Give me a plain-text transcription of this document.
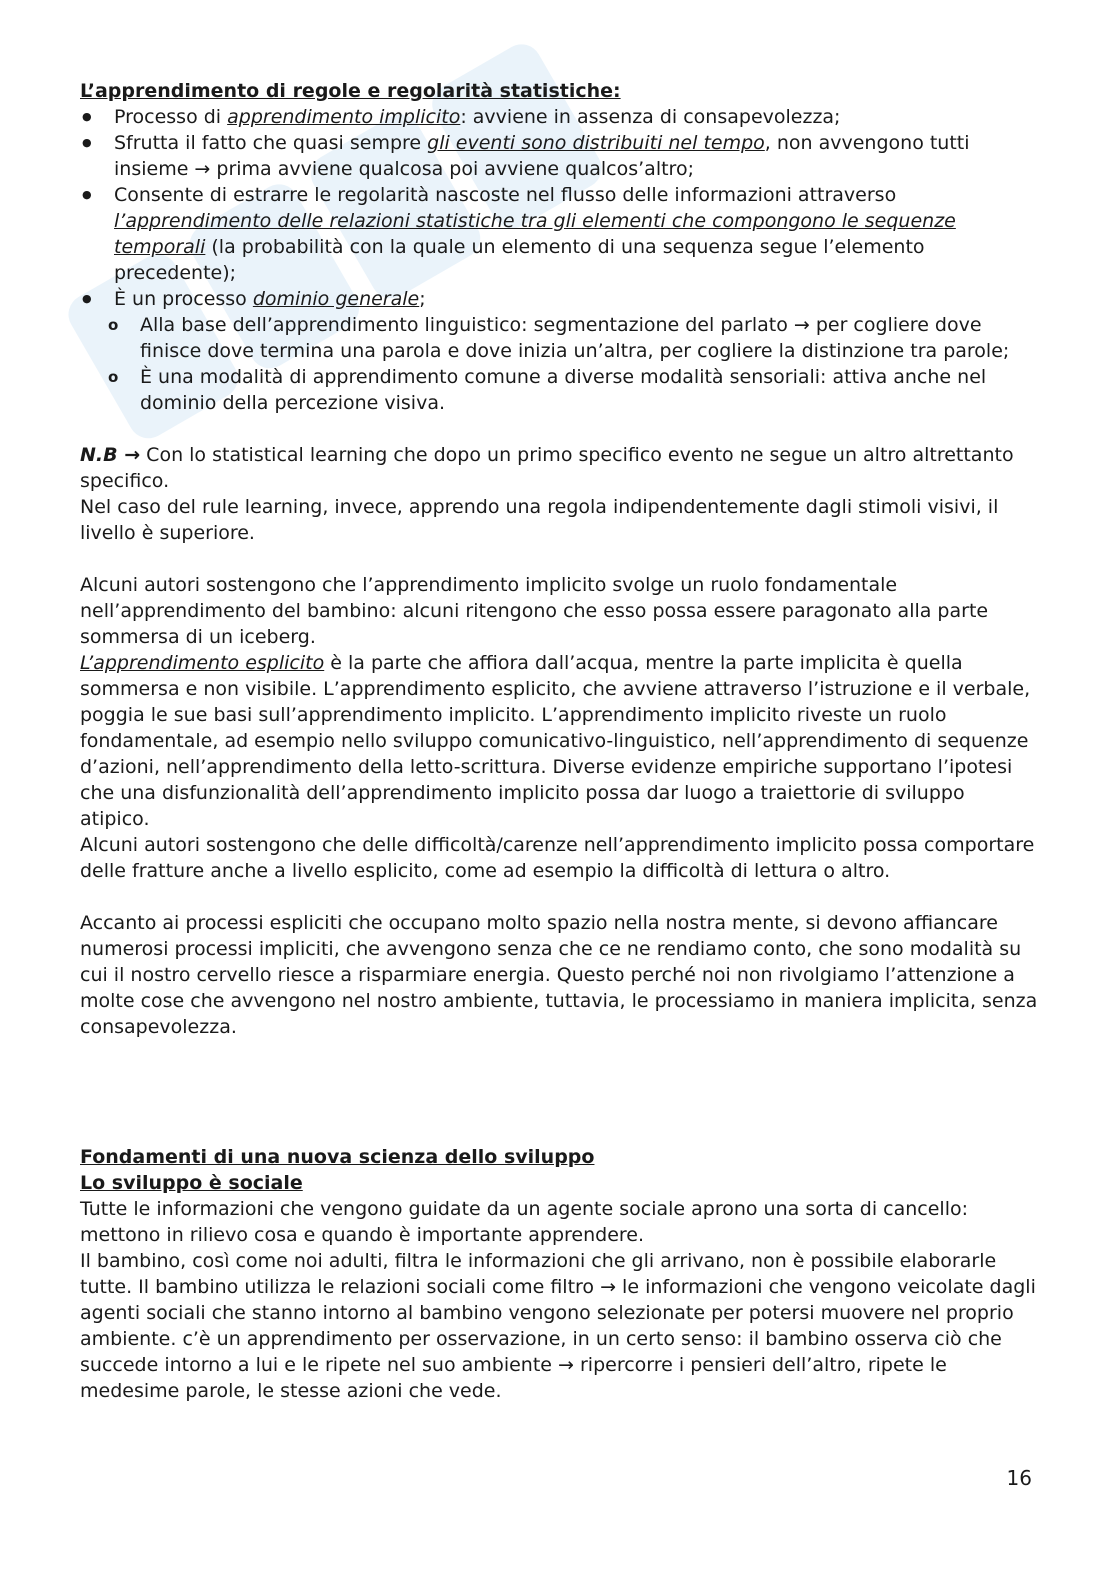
L’apprendimento di regole e regolarità statistiche:
● Processo di apprendimento implicito: avviene in assenza di consapevolezza;
● Sfrutta il fatto che quasi sempre gli eventi sono distribuiti nel tempo, non avvengono tutti insieme → prima avviene qualcosa poi avviene qualcos’altro;
● Consente di estrarre le regolarità nascoste nel flusso delle informazioni attraverso l’apprendimento delle relazioni statistiche tra gli elementi che compongono le sequenze temporali (la probabilità con la quale un elemento di una sequenza segue l’elemento precedente);
● È un processo dominio generale;
o Alla base dell’apprendimento linguistico: segmentazione del parlato → per cogliere dove finisce dove termina una parola e dove inizia un’altra, per cogliere la distinzione tra parole;
o È una modalità di apprendimento comune a diverse modalità sensoriali: attiva anche nel dominio della percezione visiva.

N.B → Con lo statistical learning che dopo un primo specifico evento ne segue un altro altrettanto specifico.

Nel caso del rule learning, invece, apprendo una regola indipendentemente dagli stimoli visivi, il livello è superiore.

Alcuni autori sostengono che l’apprendimento implicito svolge un ruolo fondamentale nell’apprendimento del bambino: alcuni ritengono che esso possa essere paragonato alla parte sommersa di un iceberg.

L’apprendimento esplicito è la parte che affiora dall’acqua, mentre la parte implicita è quella sommersa e non visibile. L’apprendimento esplicito, che avviene attraverso l’istruzione e il verbale, poggia le sue basi sull’apprendimento implicito. L’apprendimento implicito riveste un ruolo fondamentale, ad esempio nello sviluppo comunicativo-linguistico, nell’apprendimento di sequenze d’azioni, nell’apprendimento della letto-scrittura. Diverse evidenze empiriche supportano l’ipotesi che una disfunzionalità dell’apprendimento implicito possa dar luogo a traiettorie di sviluppo atipico.

Alcuni autori sostengono che delle difficoltà/carenze nell’apprendimento implicito possa comportare delle fratture anche a livello esplicito, come ad esempio la difficoltà di lettura o altro.

Accanto ai processi espliciti che occupano molto spazio nella nostra mente, si devono affiancare numerosi processi impliciti, che avvengono senza che ce ne rendiamo conto, che sono modalità su cui il nostro cervello riesce a risparmiare energia. Questo perché noi non rivolgiamo l’attenzione a molte cose che avvengono nel nostro ambiente, tuttavia, le processiamo in maniera implicita, senza consapevolezza.

Fondamenti di una nuova scienza dello sviluppo
Lo sviluppo è sociale

Tutte le informazioni che vengono guidate da un agente sociale aprono una sorta di cancello: mettono in rilievo cosa e quando è importante apprendere.

Il bambino, così come noi adulti, filtra le informazioni che gli arrivano, non è possibile elaborarle tutte. Il bambino utilizza le relazioni sociali come filtro → le informazioni che vengono veicolate dagli agenti sociali che stanno intorno al bambino vengono selezionate per potersi muovere nel proprio ambiente. c’è un apprendimento per osservazione, in un certo senso: il bambino osserva ciò che succede intorno a lui e le ripete nel suo ambiente → ripercorre i pensieri dell’altro, ripete le medesime parole, le stesse azioni che vede.

16
